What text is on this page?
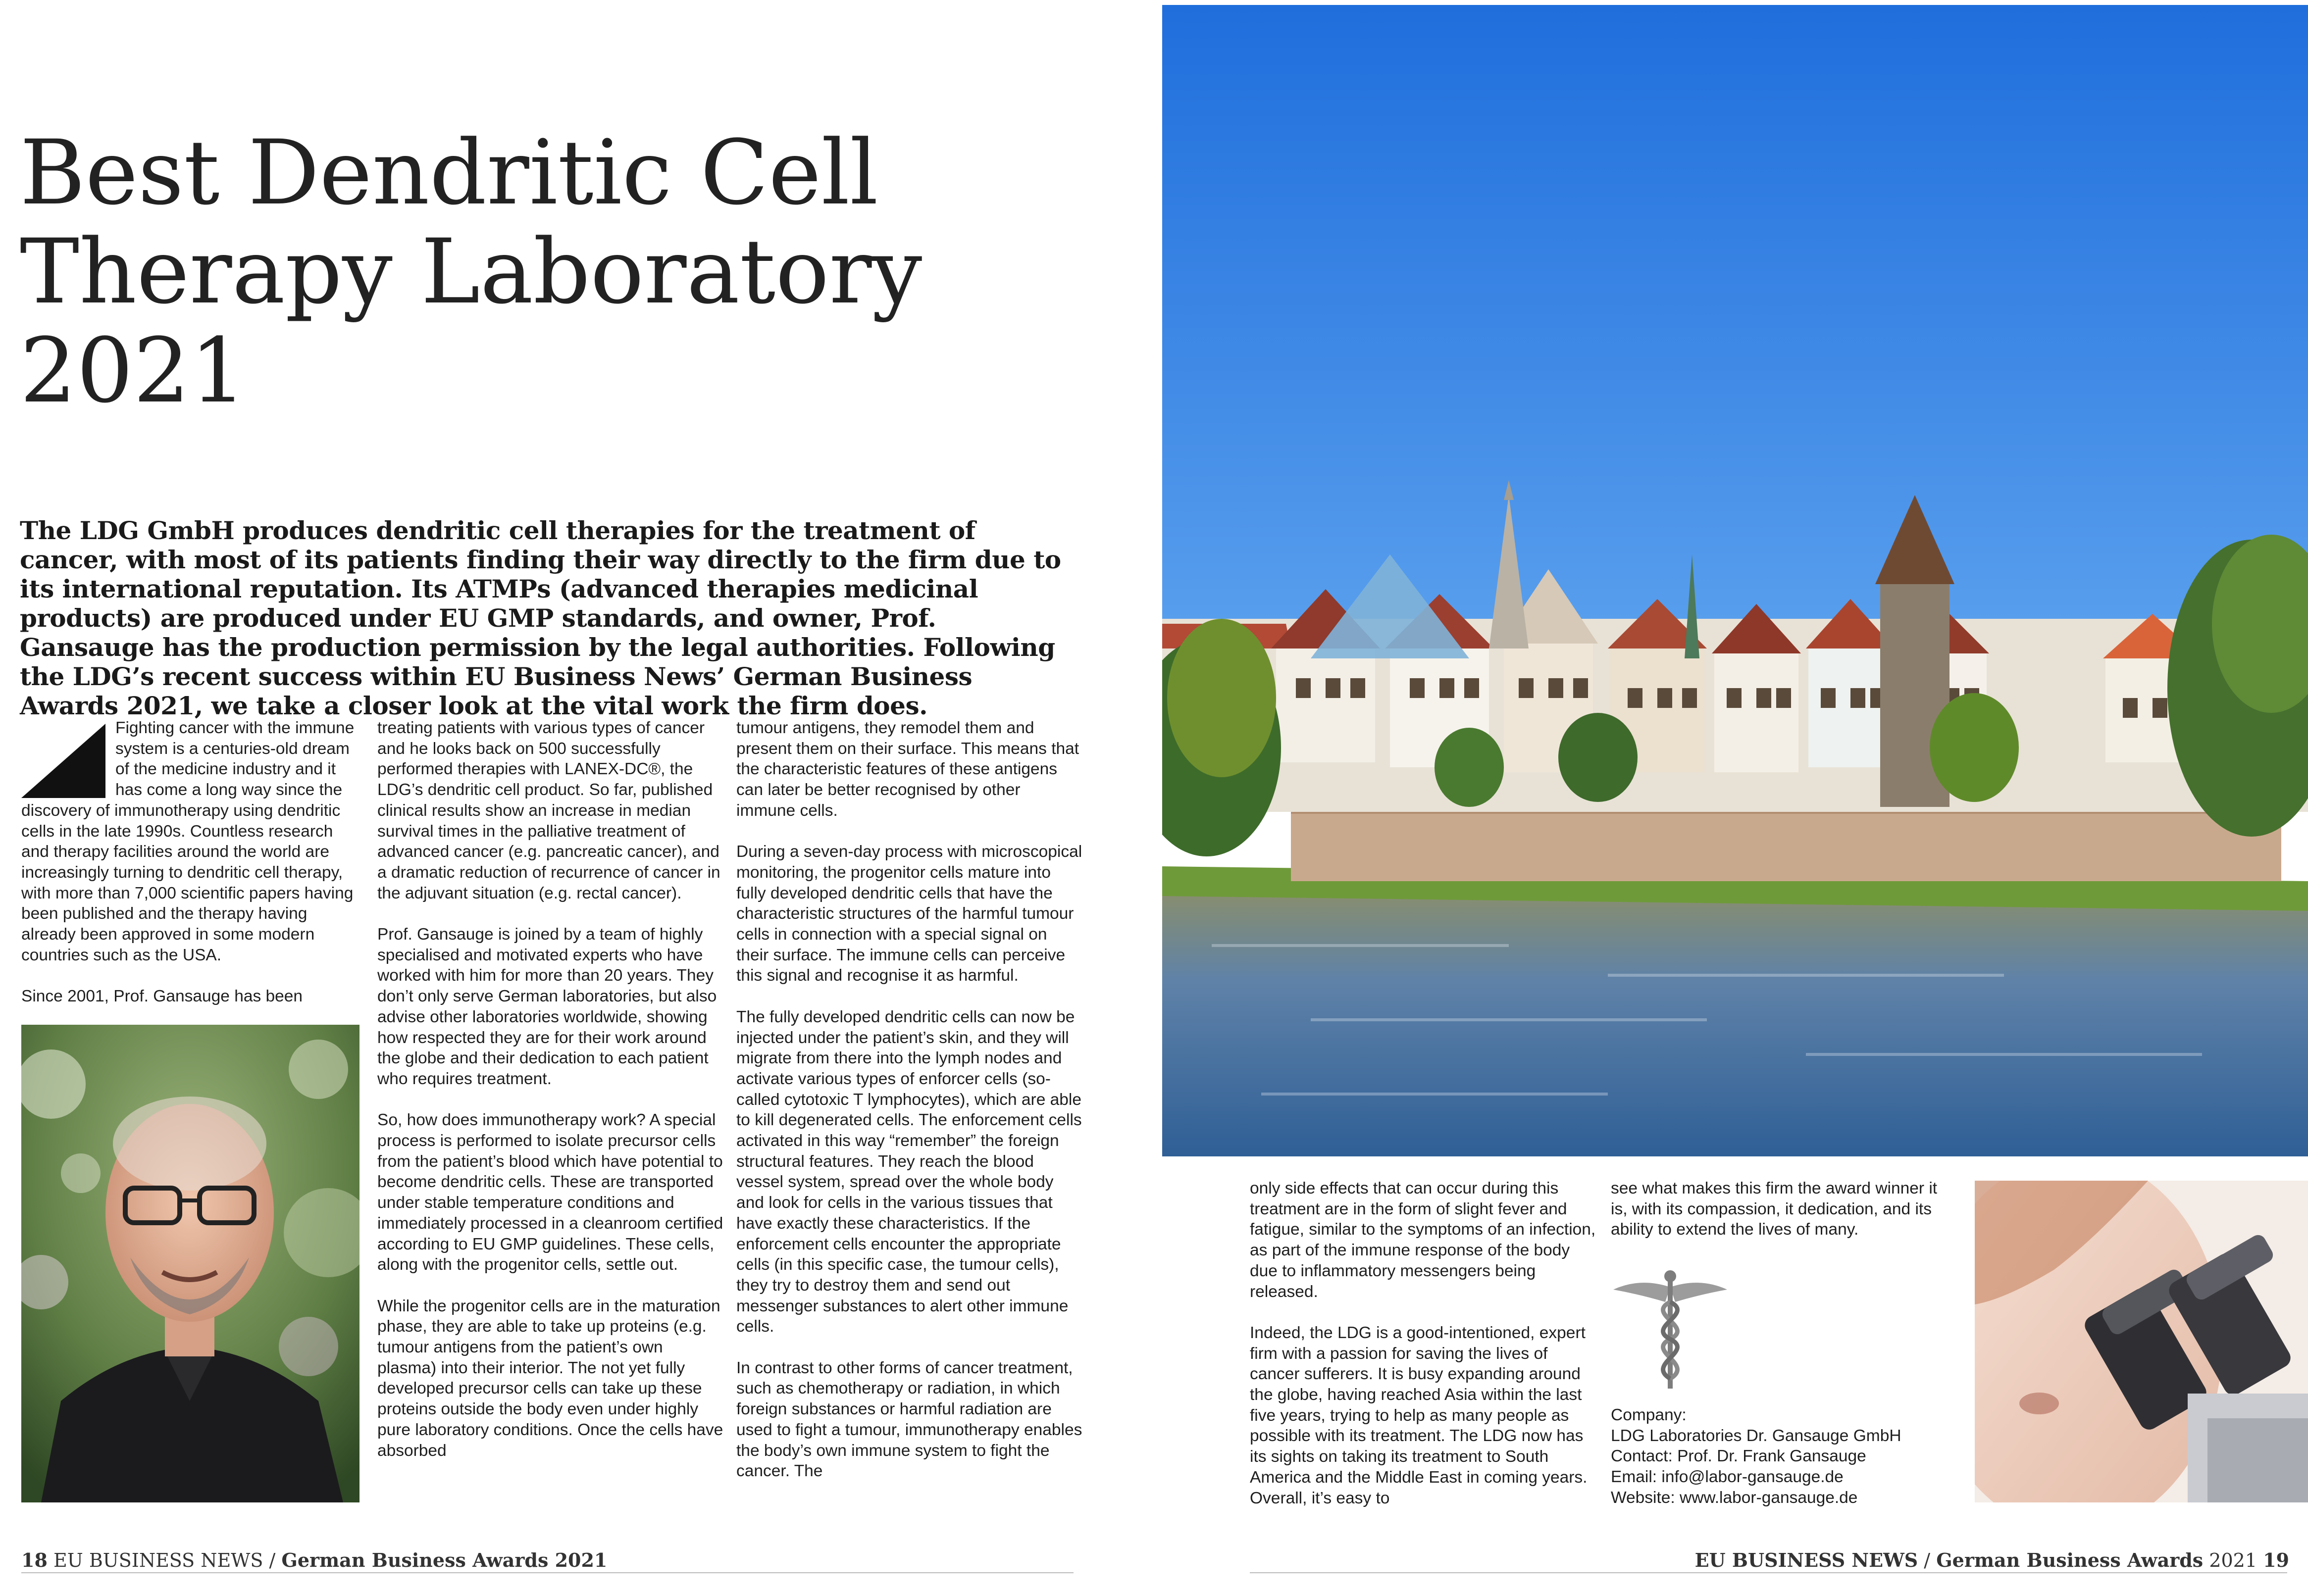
Best Dendritic Cell
Therapy Laboratory 2021

The LDG GmbH produces dendritic cell therapies for the treatment of cancer, with most of its patients finding their way directly to the firm due to its international reputation. Its ATMPs (advanced therapies medicinal products) are produced under EU GMP standards, and owner, Prof. Gansauge has the production permission by the legal authorities. Following the LDG’s recent success within EU Business News’ German Business Awards 2021, we take a closer look at the vital work the firm does.

Fighting cancer with the immune system is a centuries-old dream of the medicine industry and it has come a long way since the discovery of immunotherapy using dendritic cells in the late 1990s. Countless research and therapy facilities around the world are increasingly turning to dendritic cell therapy, with more than 7,000 scientific papers having been published and the therapy having already been approved in some modern countries such as the USA.

Since 2001, Prof. Gansauge has been

treating patients with various types of cancer and he looks back on 500 successfully performed therapies with LANEX-DC®, the LDG’s dendritic cell product. So far, published clinical results show an increase in median survival times in the palliative treatment of advanced cancer (e.g. pancreatic cancer), and a dramatic reduction of recurrence of cancer in the adjuvant situation (e.g. rectal cancer).

Prof. Gansauge is joined by a team of highly specialised and motivated experts who have worked with him for more than 20 years. They don’t only serve German laboratories, but also advise other laboratories worldwide, showing how respected they are for their work around the globe and their dedication to each patient who requires treatment.

So, how does immunotherapy work? A special process is performed to isolate precursor cells from the patient’s blood which have potential to become dendritic cells. These are transported under stable temperature conditions and immediately processed in a cleanroom certified according to EU GMP guidelines. These cells, along with the progenitor cells, settle out.

While the progenitor cells are in the maturation phase, they are able to take up proteins (e.g. tumour antigens from the patient’s own plasma) into their interior. The not yet fully developed precursor cells can take up these proteins outside the body even under highly pure laboratory conditions. Once the cells have absorbed

tumour antigens, they remodel them and present them on their surface. This means that the characteristic features of these antigens can later be better recognised by other immune cells.

During a seven-day process with microscopical monitoring, the progenitor cells mature into fully developed dendritic cells that have the characteristic structures of the harmful tumour cells in connection with a special signal on their surface. The immune cells can perceive this signal and recognise it as harmful.

The fully developed dendritic cells can now be injected under the patient’s skin, and they will migrate from there into the lymph nodes and activate various types of enforcer cells (so-called cytotoxic T lymphocytes), which are able to kill degenerated cells. The enforcement cells activated in this way “remember” the foreign structural features. They reach the blood vessel system, spread over the whole body and look for cells in the various tissues that have exactly these characteristics. If the enforcement cells encounter the appropriate cells (in this specific case, the tumour cells), they try to destroy them and send out messenger substances to alert other immune cells.

In contrast to other forms of cancer treatment, such as chemotherapy or radiation, in which foreign substances or harmful radiation are used to fight a tumour, immunotherapy enables the body’s own immune system to fight the cancer. The

only side effects that can occur during this treatment are in the form of slight fever and fatigue, similar to the symptoms of an infection, as part of the immune response of the body due to inflammatory messengers being released.

Indeed, the LDG is a good-intentioned, expert firm with a passion for saving the lives of cancer sufferers. It is busy expanding around the globe, having reached Asia within the last five years, trying to help as many people as possible with its treatment. The LDG now has its sights on taking its treatment to South America and the Middle East in coming years. Overall, it’s easy to

see what makes this firm the award winner it is, with its compassion, it dedication, and its ability to extend the lives of many.

Company:
LDG Laboratories Dr. Gansauge GmbH
Contact: Prof. Dr. Frank Gansauge
Email: info@labor-gansauge.de
Website: www.labor-gansauge.de
18 EU BUSINESS NEWS / German Business Awards 2021	EU BUSINESS NEWS / German Business Awards 2021 19
